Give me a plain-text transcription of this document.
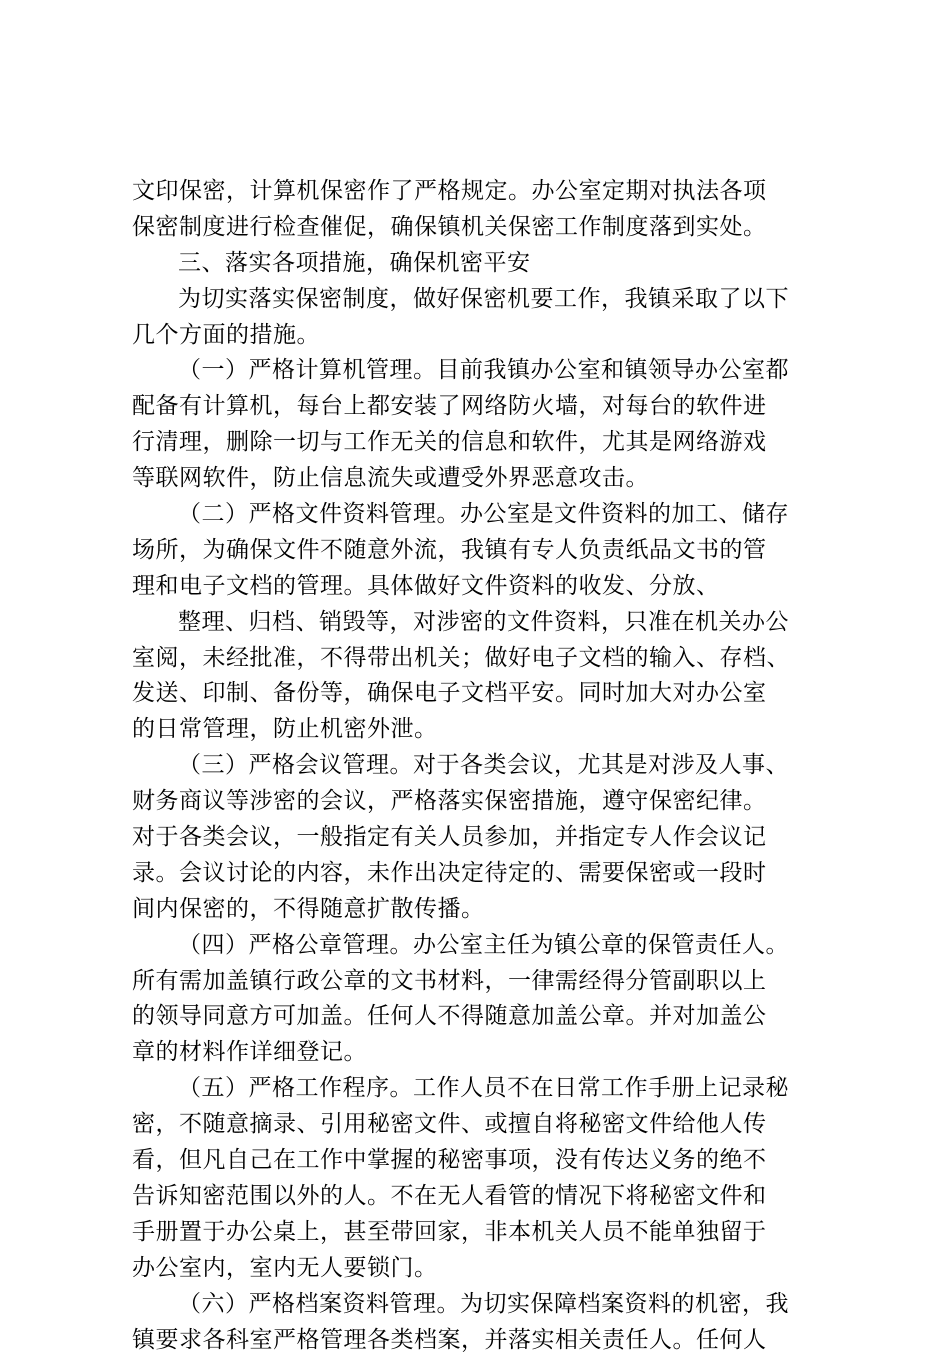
文印保密，计算机保密作了严格规定。办公室定期对执法各项
保密制度进行检查催促，确保镇机关保密工作制度落到实处。
三、落实各项措施，确保机密平安
为切实落实保密制度，做好保密机要工作，我镇采取了以下
几个方面的措施。
（一）严格计算机管理。目前我镇办公室和镇领导办公室都
配备有计算机，每台上都安装了网络防火墙，对每台的软件进
行清理，删除一切与工作无关的信息和软件，尤其是网络游戏
等联网软件，防止信息流失或遭受外界恶意攻击。
（二）严格文件资料管理。办公室是文件资料的加工、储存
场所，为确保文件不随意外流，我镇有专人负责纸品文书的管
理和电子文档的管理。具体做好文件资料的收发、分放、
整理、归档、销毁等，对涉密的文件资料，只准在机关办公
室阅，未经批准，不得带出机关；做好电子文档的输入、存档、
发送、印制、备份等，确保电子文档平安。同时加大对办公室
的日常管理，防止机密外泄。
（三）严格会议管理。对于各类会议，尤其是对涉及人事、
财务商议等涉密的会议，严格落实保密措施，遵守保密纪律。
对于各类会议，一般指定有关人员参加，并指定专人作会议记
录。会议讨论的内容，未作出决定待定的、需要保密或一段时
间内保密的，不得随意扩散传播。
（四）严格公章管理。办公室主任为镇公章的保管责任人。
所有需加盖镇行政公章的文书材料，一律需经得分管副职以上
的领导同意方可加盖。任何人不得随意加盖公章。并对加盖公
章的材料作详细登记。
（五）严格工作程序。工作人员不在日常工作手册上记录秘
密，不随意摘录、引用秘密文件、或擅自将秘密文件给他人传
看，但凡自己在工作中掌握的秘密事项，没有传达义务的绝不
告诉知密范围以外的人。不在无人看管的情况下将秘密文件和
手册置于办公桌上，甚至带回家，非本机关人员不能单独留于
办公室内，室内无人要锁门。
（六）严格档案资料管理。为切实保障档案资料的机密，我
镇要求各科室严格管理各类档案，并落实相关责任人。任何人
